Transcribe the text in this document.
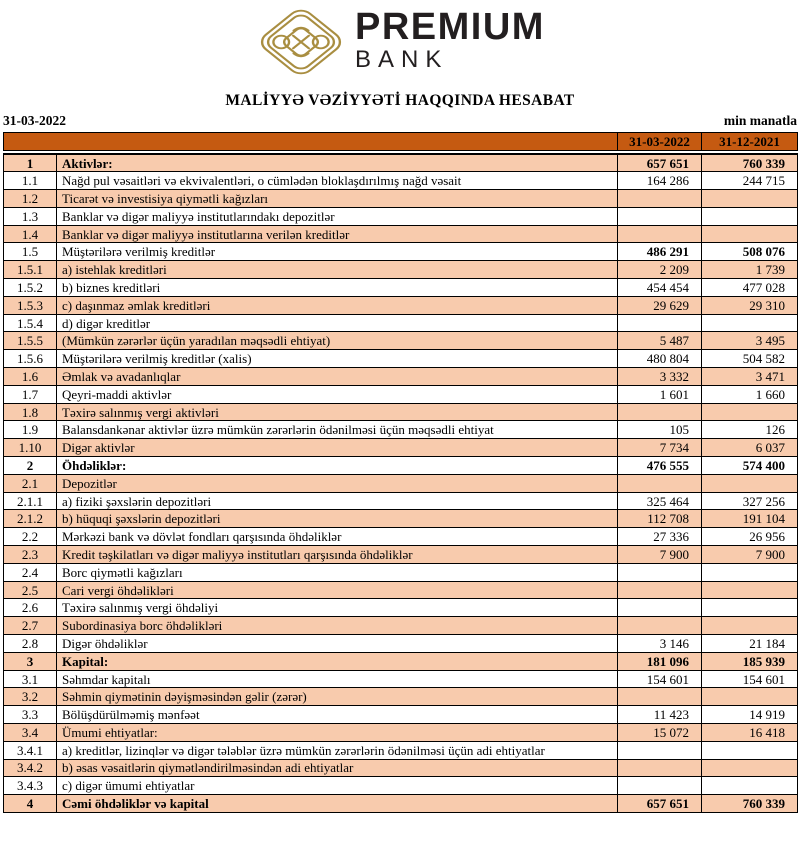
PREMIUM
BANK
MALİYYƏ VƏZİYYƏTİ HAQQINDA HESABAT
31-03-2022	min manatla
	31-03-2022	31-12-2021
1	Aktivlər:	657 651	760 339
1.1	Nağd pul vəsaitləri və ekvivalentləri, o cümlədən bloklaşdırılmış nağd vəsait	164 286	244 715
1.2	Ticarət və investisiya qiymətli kağızları		
1.3	Banklar və digər maliyyə institutlarındakı depozitlər		
1.4	Banklar və digər maliyyə institutlarına verilən kreditlər		
1.5	Müştərilərə verilmiş kreditlər	486 291	508 076
1.5.1	a) istehlak kreditləri	2 209	1 739
1.5.2	b) biznes kreditləri	454 454	477 028
1.5.3	c) daşınmaz əmlak kreditləri	29 629	29 310
1.5.4	d) digər kreditlər		
1.5.5	(Mümkün zərərlər üçün yaradılan məqsədli ehtiyat)	5 487	3 495
1.5.6	Müştərilərə verilmiş kreditlər (xalis)	480 804	504 582
1.6	Əmlak və avadanlıqlar	3 332	3 471
1.7	Qeyri-maddi aktivlər	1 601	1 660
1.8	Təxirə salınmış vergi aktivləri		
1.9	Balansdankənar aktivlər üzrə mümkün zərərlərin ödənilməsi üçün məqsədli ehtiyat	105	126
1.10	Digər aktivlər	7 734	6 037
2	Öhdəliklər:	476 555	574 400
2.1	Depozitlər		
2.1.1	a) fiziki şəxslərin depozitləri	325 464	327 256
2.1.2	b) hüquqi şəxslərin depozitləri	112 708	191 104
2.2	Mərkəzi bank və dövlət fondları qarşısında öhdəliklər	27 336	26 956
2.3	Kredit təşkilatları və digər maliyyə institutları qarşısında öhdəliklər	7 900	7 900
2.4	Borc qiymətli kağızları		
2.5	Cari vergi öhdəlikləri		
2.6	Təxirə salınmış vergi öhdəliyi		
2.7	Subordinasiya borc öhdəlikləri		
2.8	Digər öhdəliklər	3 146	21 184
3	Kapital:	181 096	185 939
3.1	Səhmdar kapitalı	154 601	154 601
3.2	Səhmin qiymətinin dəyişməsindən gəlir (zərər)		
3.3	Bölüşdürülməmiş mənfəət	11 423	14 919
3.4	Ümumi ehtiyatlar:	15 072	16 418
3.4.1	a) kreditlər, lizinqlər və digər tələblər üzrə mümkün zərərlərin ödənilməsi üçün adi ehtiyatlar		
3.4.2	b) əsas vəsaitlərin qiymətləndirilməsindən adi ehtiyatlar		
3.4.3	c) digər ümumi ehtiyatlar		
4	Cəmi öhdəliklər və kapital	657 651	760 339
